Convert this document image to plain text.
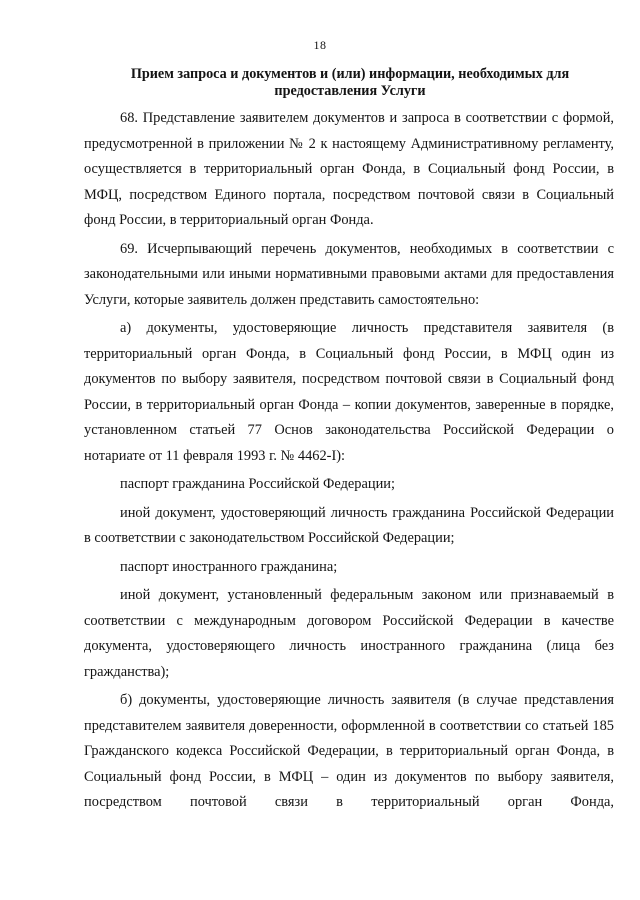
18
Прием запроса и документов и (или) информации, необходимых для предоставления Услуги

68. Представление заявителем документов и запроса в соответствии с формой, предусмотренной в приложении № 2 к настоящему Административному регламенту, осуществляется в территориальный орган Фонда, в Социальный фонд России, в МФЦ, посредством Единого портала, посредством почтовой связи в Социальный фонд России, в территориальный орган Фонда.

69. Исчерпывающий перечень документов, необходимых в соответствии с законодательными или иными нормативными правовыми актами для предоставления Услуги, которые заявитель должен представить самостоятельно:

а) документы, удостоверяющие личность представителя заявителя (в территориальный орган Фонда, в Социальный фонд России, в МФЦ один из документов по выбору заявителя, посредством почтовой связи в Социальный фонд России, в территориальный орган Фонда – копии документов, заверенные в порядке, установленном статьей 77 Основ законодательства Российской Федерации о нотариате от 11 февраля 1993 г. № 4462-I):

паспорт гражданина Российской Федерации;

иной документ, удостоверяющий личность гражданина Российской Федерации в соответствии с законодательством Российской Федерации;

паспорт иностранного гражданина;

иной документ, установленный федеральным законом или признаваемый в соответствии с международным договором Российской Федерации в качестве документа, удостоверяющего личность иностранного гражданина (лица без гражданства);

б) документы, удостоверяющие личность заявителя (в случае представления представителем заявителя доверенности, оформленной в соответствии со статьей 185 Гражданского кодекса Российской Федерации, в территориальный орган Фонда, в Социальный фонд России, в МФЦ – один из документов по выбору заявителя, посредством почтовой связи в территориальный орган Фонда,
